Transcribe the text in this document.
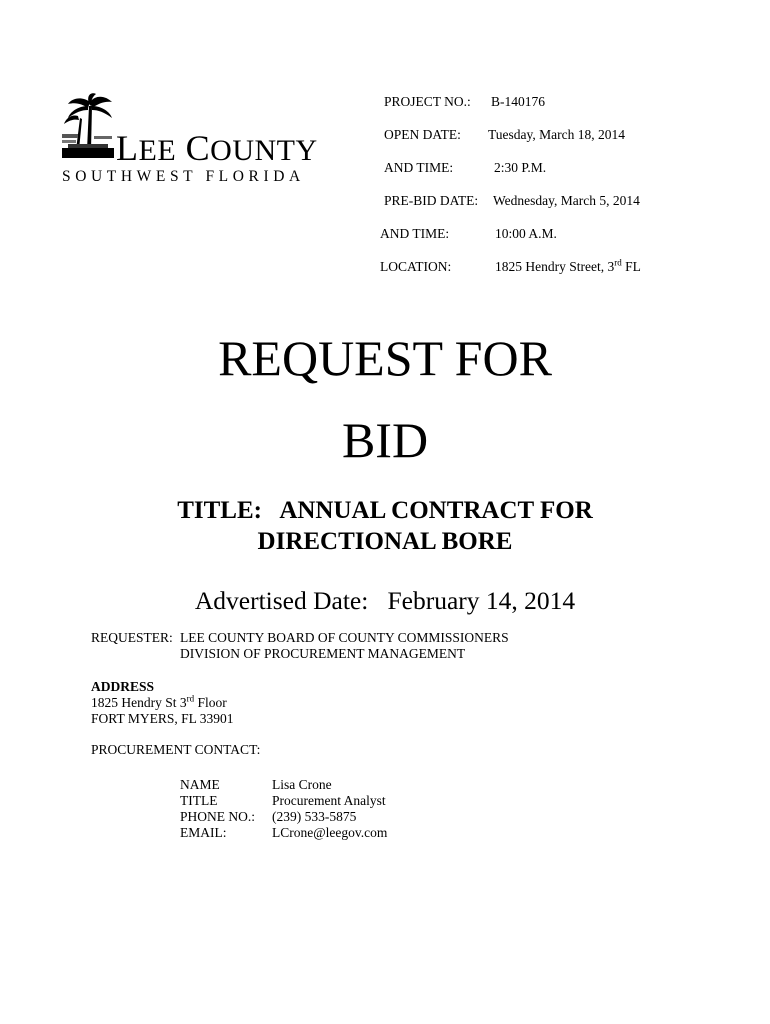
LEE COUNTY
SOUTHWEST FLORIDA
PROJECT NO.: B-140176
OPEN DATE: Tuesday, March 18, 2014
AND TIME:	2:30 P.M.
PRE-BID DATE: Wednesday, March 5, 2014
AND TIME:	10:00 A.M.
LOCATION:	1825 Hendry Street, 3rd FL
REQUEST FOR
BID
TITLE:   ANNUAL CONTRACT FOR
DIRECTIONAL BORE
Advertised Date:   February 14, 2014
REQUESTER: LEE COUNTY BOARD OF COUNTY COMMISSIONERS
DIVISION OF PROCUREMENT MANAGEMENT
ADDRESS
1825 Hendry St 3rd Floor
FORT MYERS, FL 33901
PROCUREMENT CONTACT:
NAME	Lisa Crone
TITLE	Procurement Analyst
PHONE NO.: (239) 533-5875
EMAIL:	LCrone@leegov.com
